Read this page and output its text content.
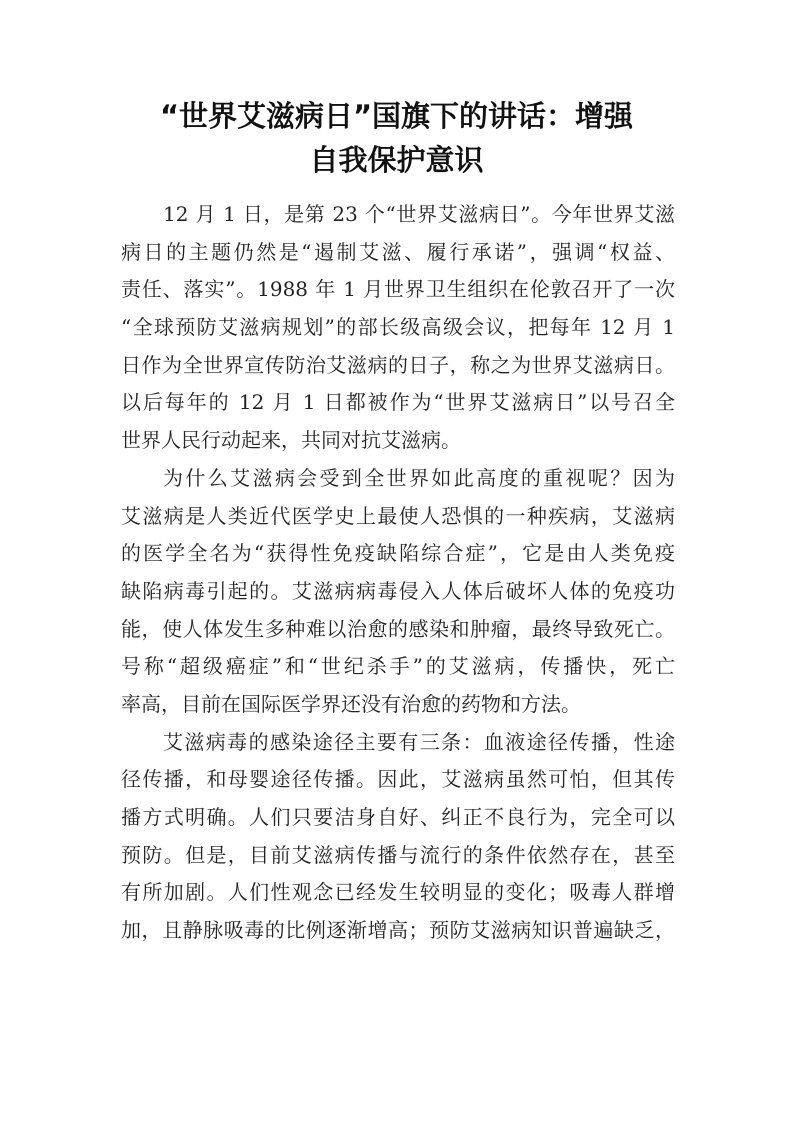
“世界艾滋病日”国旗下的讲话：增强
自我保护意识
12 月 1 日，是第 23 个“世界艾滋病日”。今年世界艾滋
病日的主题仍然是“遏制艾滋、履行承诺”，强调“权益、
责任、落实”。1988 年 1 月世界卫生组织在伦敦召开了一次
“全球预防艾滋病规划”的部长级高级会议，把每年 12 月 1
日作为全世界宣传防治艾滋病的日子，称之为世界艾滋病日。
以后每年的 12 月 1 日都被作为“世界艾滋病日”以号召全
世界人民行动起来，共同对抗艾滋病。
为什么艾滋病会受到全世界如此高度的重视呢？因为
艾滋病是人类近代医学史上最使人恐惧的一种疾病，艾滋病
的医学全名为“获得性免疫缺陷综合症”，它是由人类免疫
缺陷病毒引起的。艾滋病病毒侵入人体后破坏人体的免疫功
能，使人体发生多种难以治愈的感染和肿瘤，最终导致死亡。
号称“超级癌症”和“世纪杀手”的艾滋病，传播快，死亡
率高，目前在国际医学界还没有治愈的药物和方法。
艾滋病毒的感染途径主要有三条：血液途径传播，性途
径传播，和母婴途径传播。因此，艾滋病虽然可怕，但其传
播方式明确。人们只要洁身自好、纠正不良行为，完全可以
预防。但是，目前艾滋病传播与流行的条件依然存在，甚至
有所加剧。人们性观念已经发生较明显的变化；吸毒人群增
加，且静脉吸毒的比例逐渐增高；预防艾滋病知识普遍缺乏，
